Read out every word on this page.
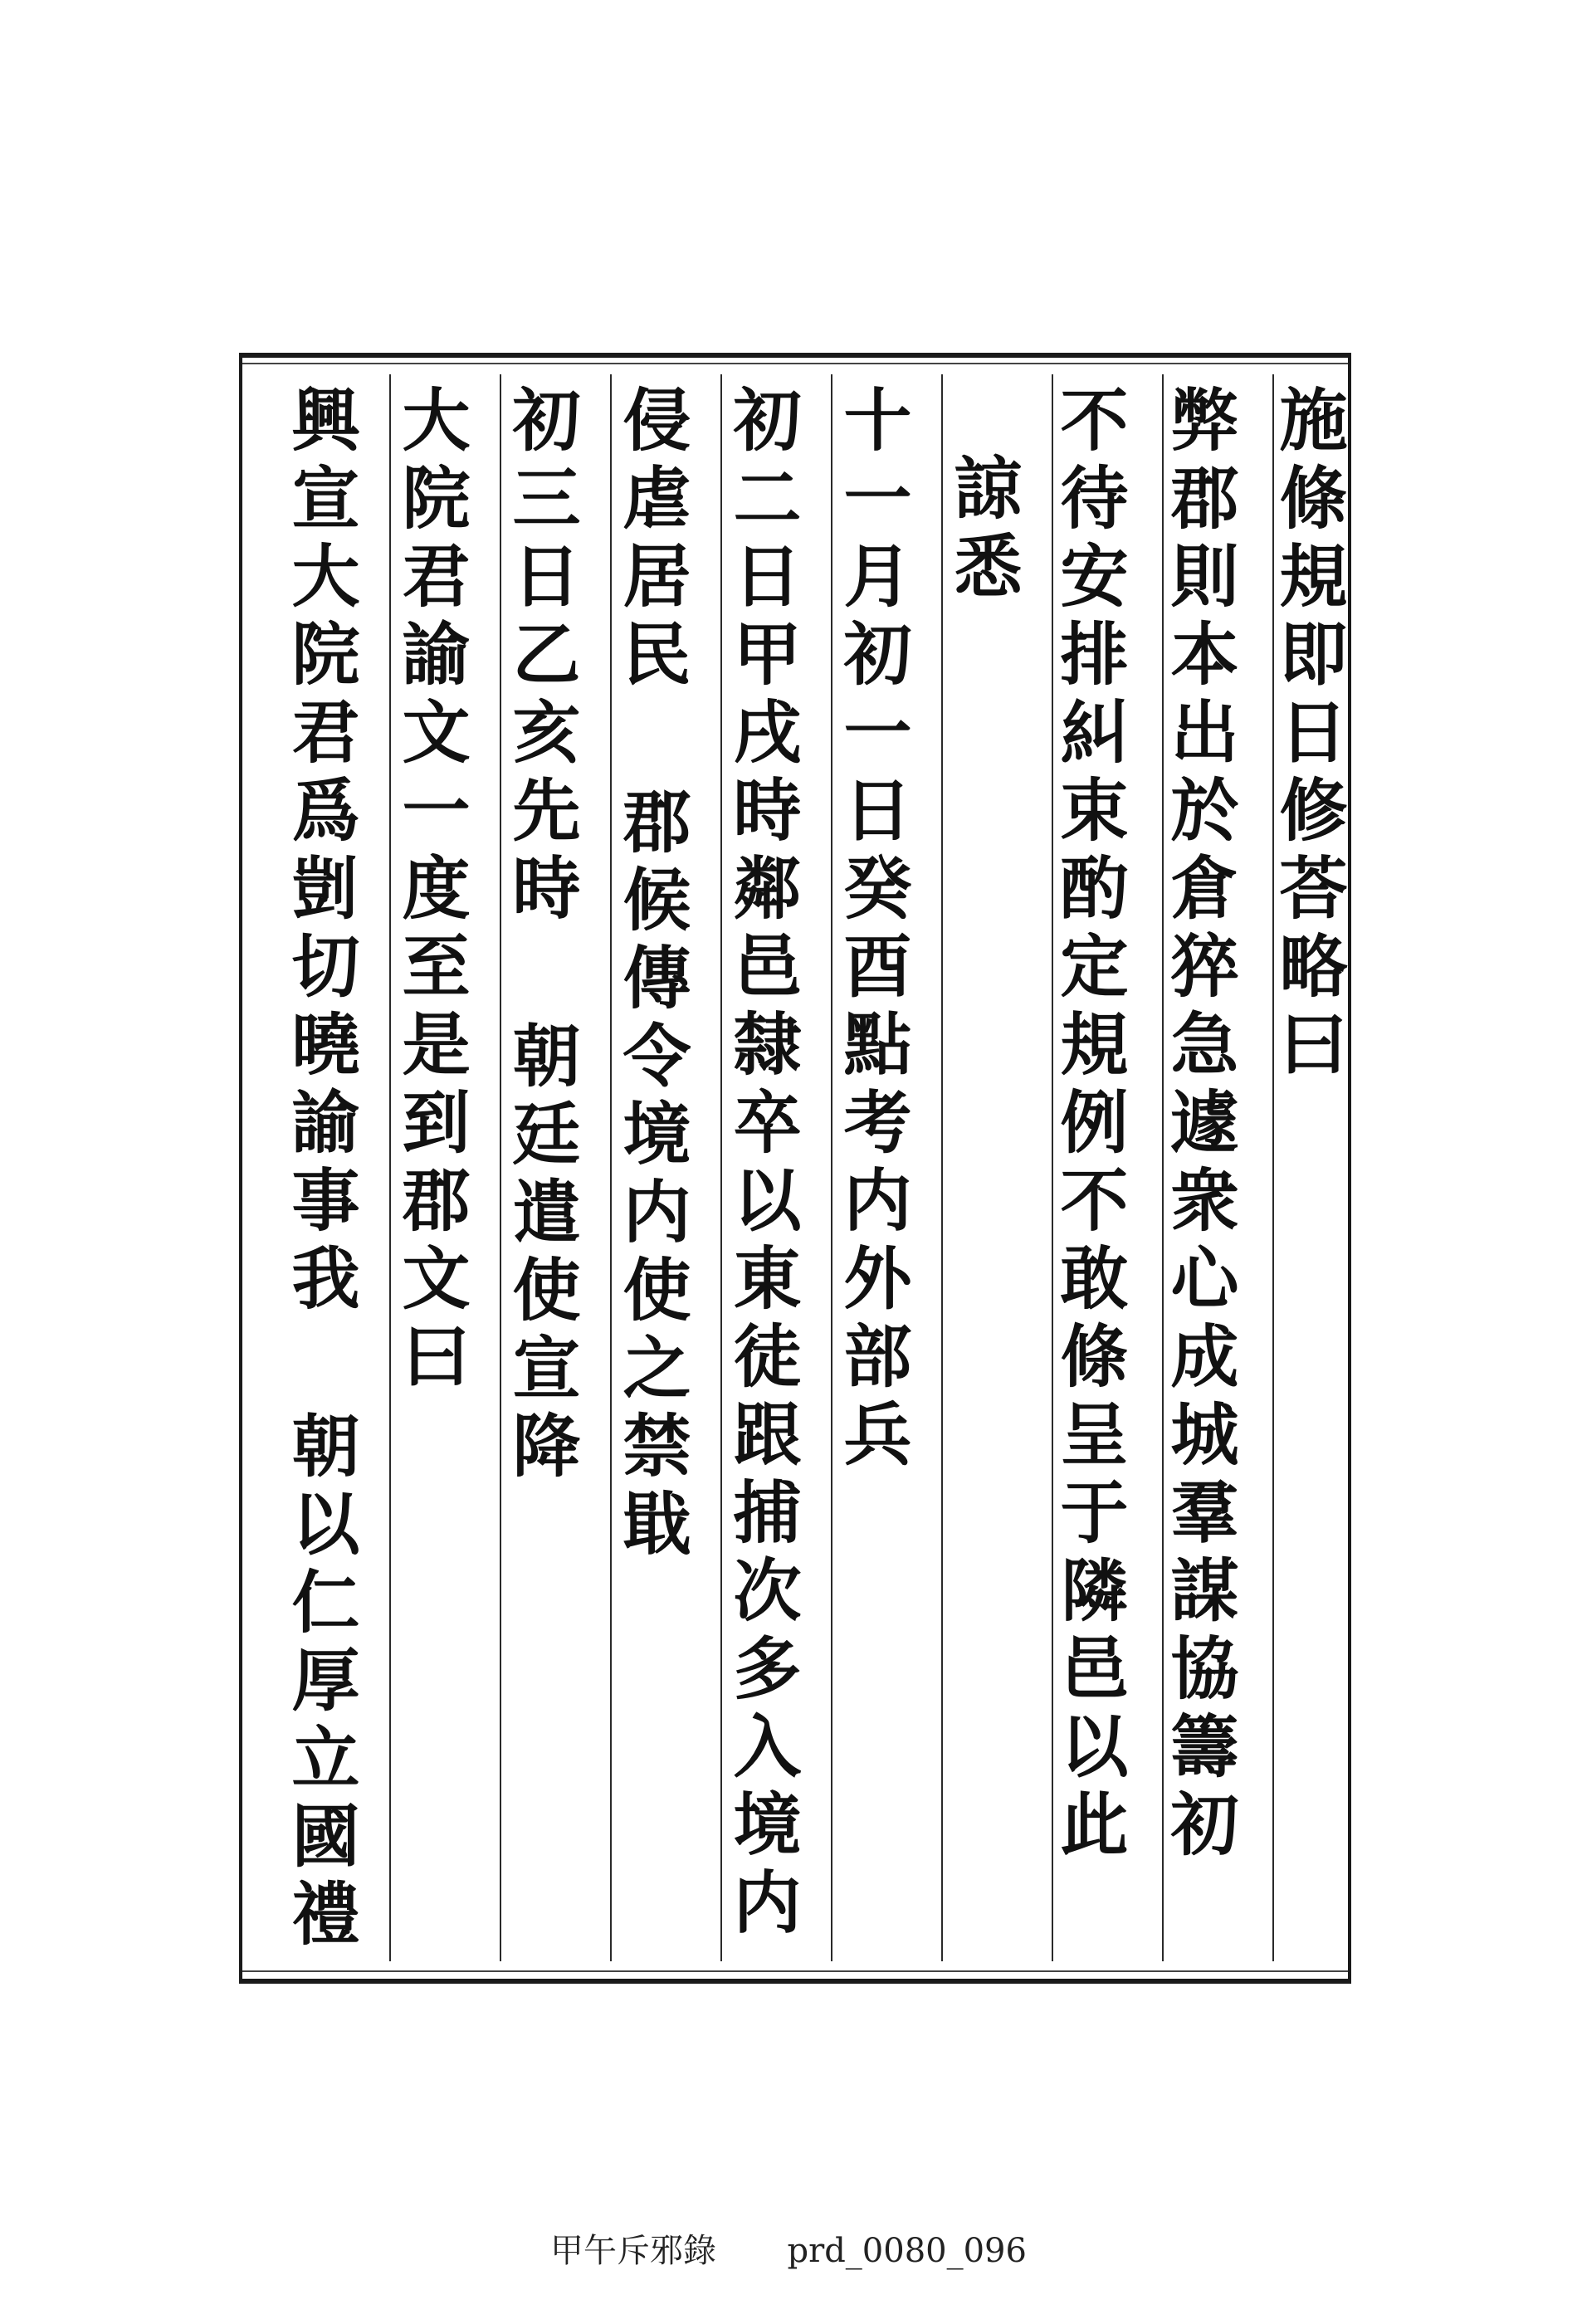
施條規即日修荅略曰
弊郡則本出於倉猝急遽衆心成城羣謀協籌初
不待安排糾束酌定規例不敢條呈于隣邑以此
諒悉
十一月初一日癸酉點考内外部兵
初二日甲戌時鄰邑隸卒以東徒跟捕次多入境内
侵虐居民 郡候傳令境内使之禁戢
初三日乙亥先時 朝廷遣使宣降
大院君諭文一度至是到郡文曰
興宣大院君爲剴切曉諭事我 朝以仁厚立國禮
甲午斥邪錄 prd_0080_096
